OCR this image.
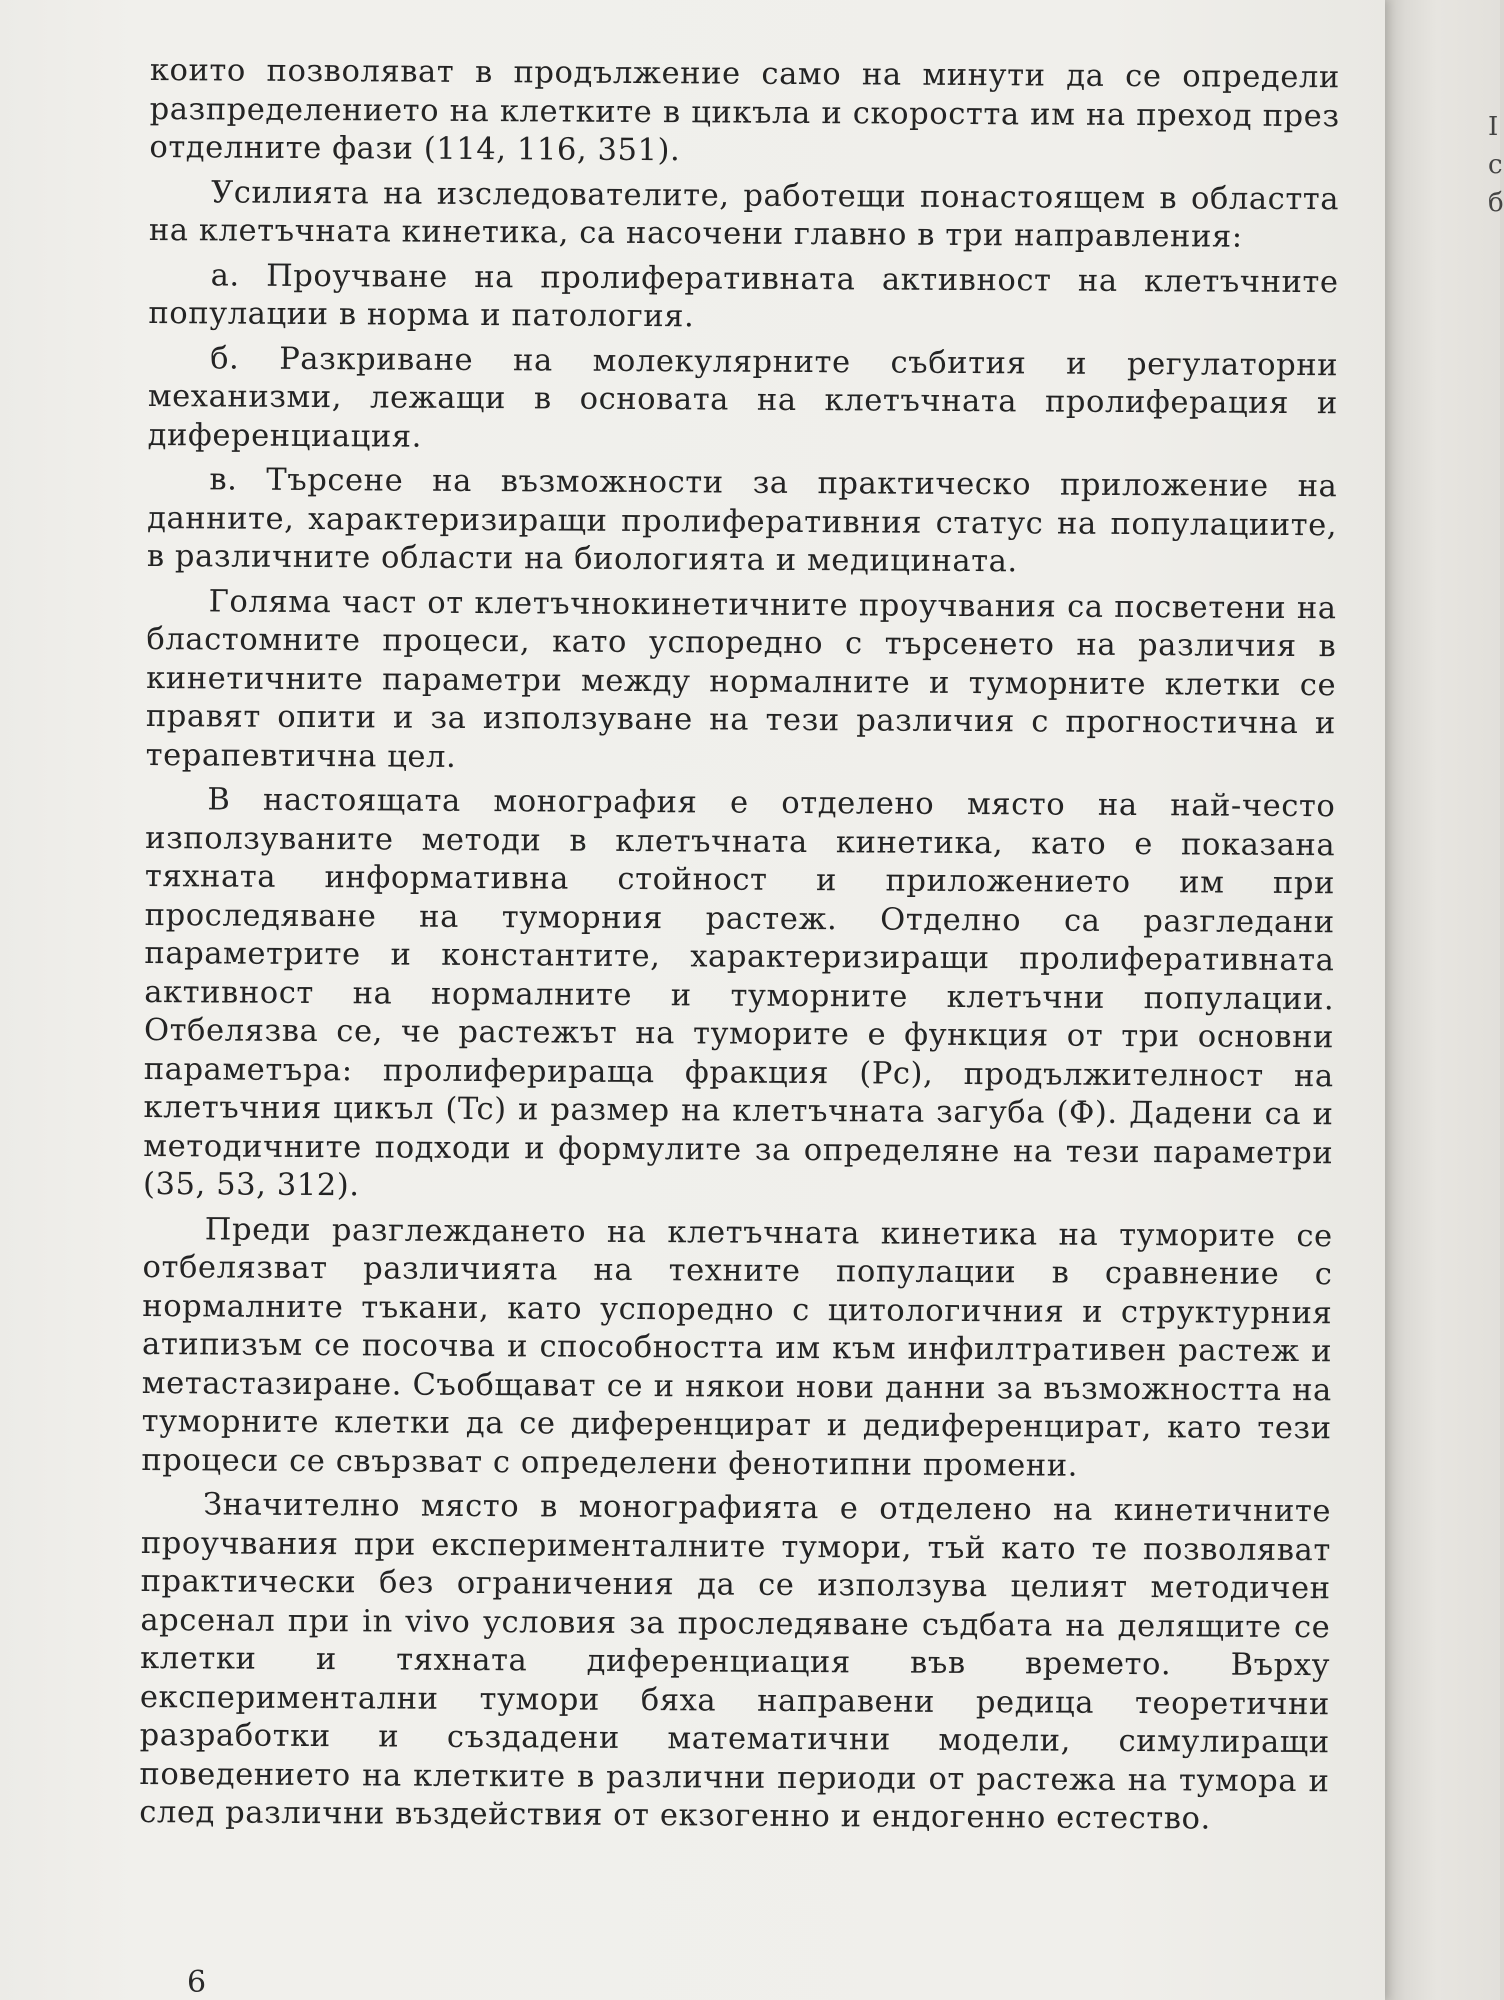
I
с
б

които позволяват в продължение само на минути да се определи разпределението на клетките в цикъла и скоростта им на преход през отделните фази (114, 116, 351).

Усилията на изследователите, работещи понастоящем в областта на клетъчната кинетика, са насочени главно в три направления:

а. Проучване на пролиферативната активност на клетъчните популации в норма и патология.

б. Разкриване на молекулярните събития и регулаторни механизми, лежащи в основата на клетъчната пролиферация и диференциация.

в. Търсене на възможности за практическо приложение на данните, характеризиращи пролиферативния статус на популациите, в различните области на биологията и медицината.

Голяма част от клетъчнокинетичните проучвания са посветени на бластомните процеси, като успоредно с търсенето на различия в кинетичните параметри между нормалните и туморните клетки се правят опити и за използуване на тези различия с прогностична и терапевтична цел.

В настоящата монография е отделено място на най-често използуваните методи в клетъчната кинетика, като е показана тяхната информативна стойност и приложението им при проследяване на туморния растеж. Отделно са разгледани параметрите и константите, характеризиращи пролиферативната активност на нормалните и туморните клетъчни популации. Отбелязва се, че растежът на туморите е функция от три основни параметъра: пролифериращa фракция (Pc), продължителност на клетъчния цикъл (Tc) и размер на клетъчната загуба (Ф). Дадени са и методичните подходи и формулите за определяне на тези параметри (35, 53, 312).

Преди разглеждането на клетъчната кинетика на туморите се отбелязват различията на техните популации в сравнение с нормалните тъкани, като успоредно с цитологичния и структурния атипизъм се посочва и способността им към инфилтративен растеж и метастазиране. Съобщават се и някои нови данни за възможността на туморните клетки да се диференцират и дедиференцират, като тези процеси се свързват с определени фенотипни промени.

Значително място в монографията е отделено на кинетичните проучвания при експерименталните тумори, тъй като те позволяват практически без ограничения да се използува целият методичен арсенал при in vivo условия за проследяване съдбата на делящите се клетки и тяхната диференциация във времето. Върху експериментални тумори бяха направени редица теоретични разработки и създадени математични модели, симулиращи поведението на клетките в различни периоди от растежа на тумора и след различни въздействия от екзогенно и ендогенно естество.

6
